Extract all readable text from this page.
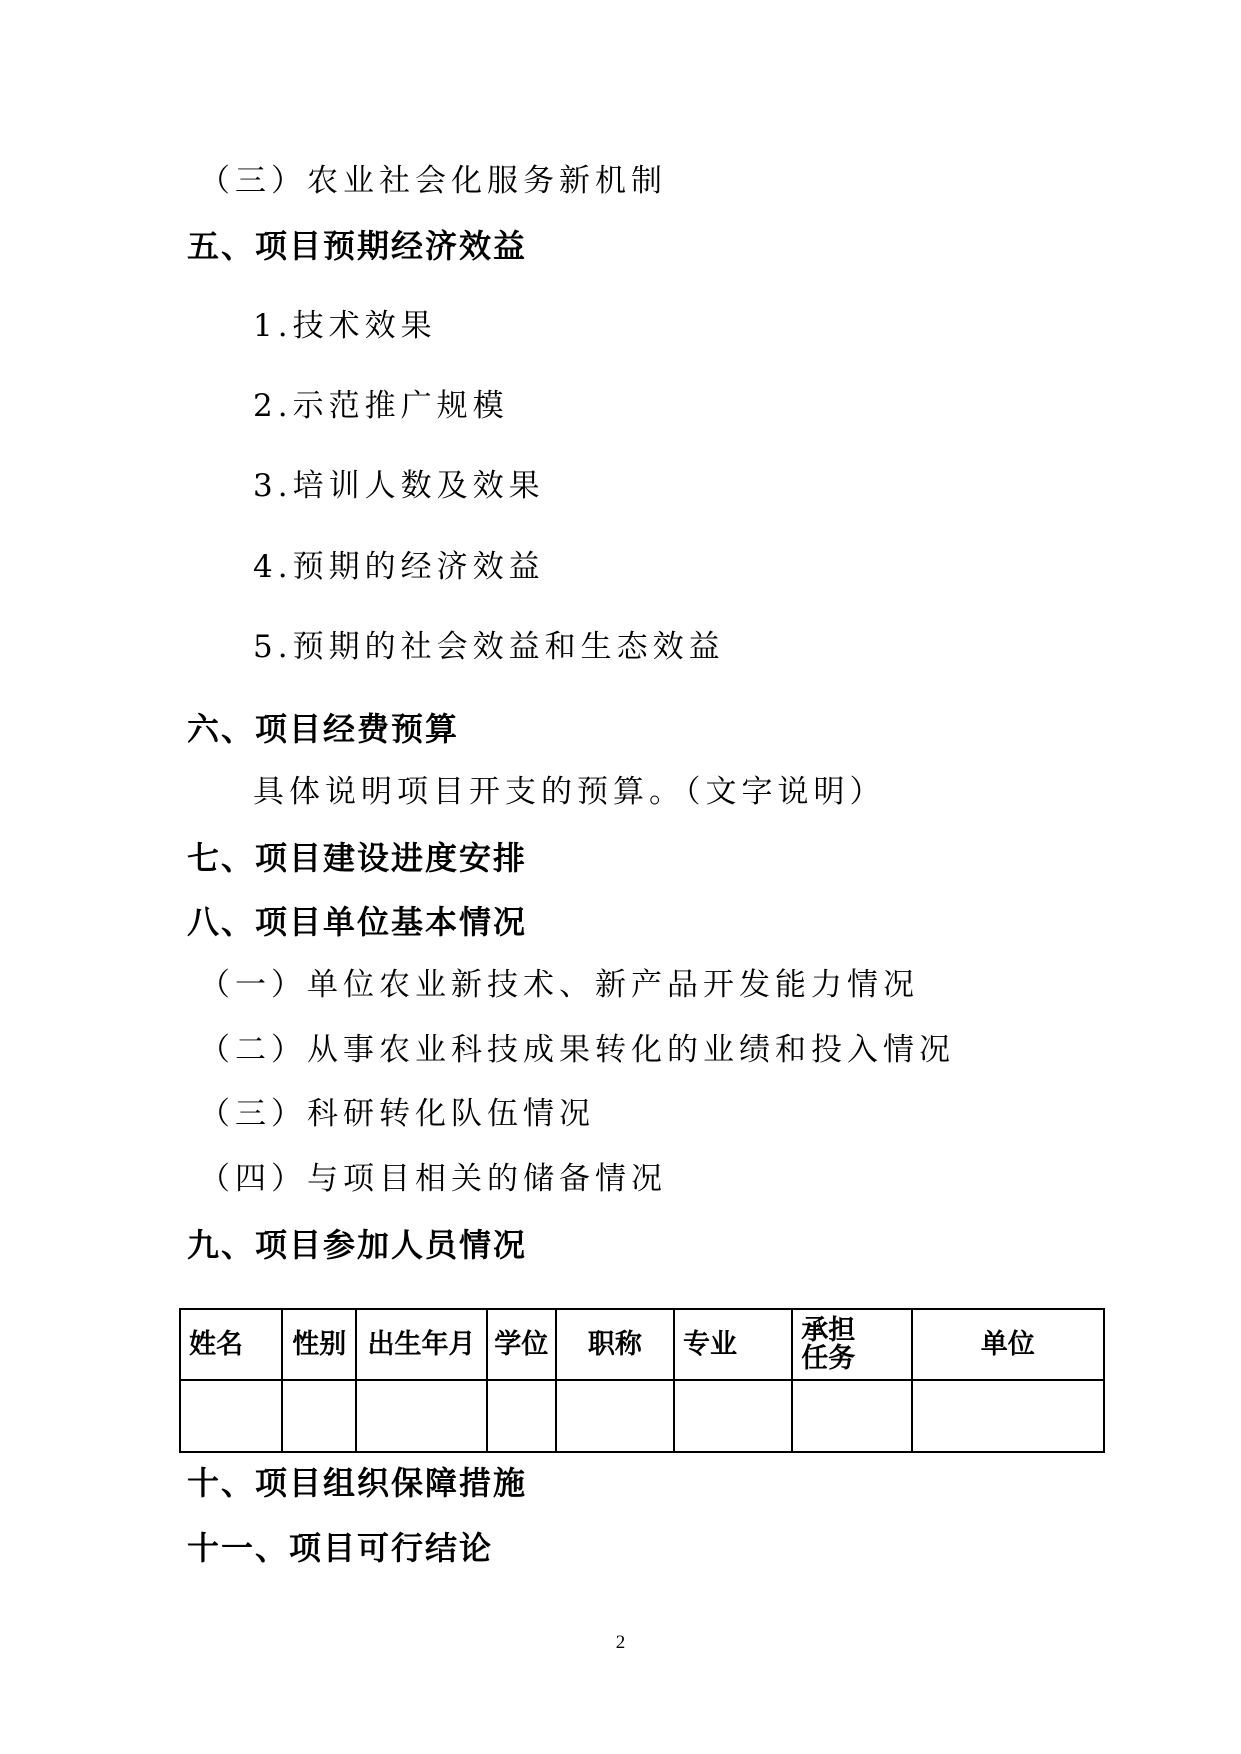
（三）农业社会化服务新机制
五、项目预期经济效益
1.技术效果
2.示范推广规模
3.培训人数及效果
4.预期的经济效益
5.预期的社会效益和生态效益
六、项目经费预算
具体说明项目开支的预算。（文字说明）
七、项目建设进度安排
八、项目单位基本情况
（一）单位农业新技术、新产品开发能力情况
（二）从事农业科技成果转化的业绩和投入情况
（三）科研转化队伍情况
（四）与项目相关的储备情况
九、项目参加人员情况
姓名	性别	出生年月	学位	职称	专业	承担任务	单位

十、项目组织保障措施
十一、项目可行结论
2
